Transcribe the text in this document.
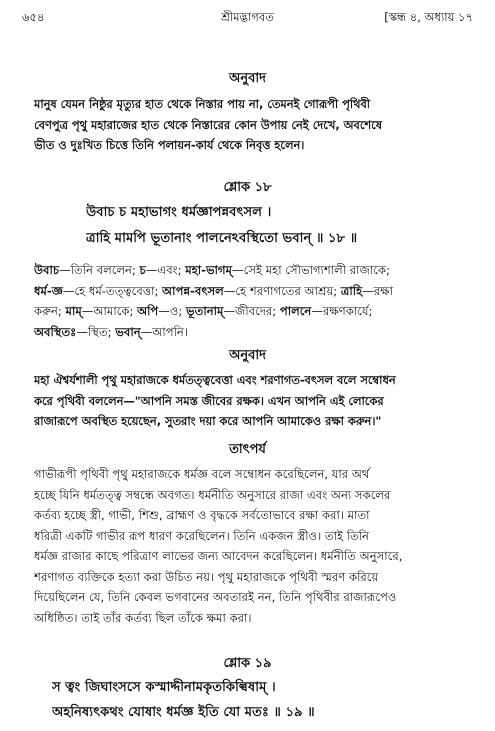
৬৫৪	শ্রীমদ্ভাগবত	[স্কন্ধ ৪, অধ্যায় ১৭
অনুবাদ
মানুষ যেমন নিষ্ঠুর মৃত্যুর হাত থেকে নিস্তার পায় না, তেমনই গোরূপী পৃথিবী
বেণপুত্র পৃথু মহারাজের হাত থেকে নিস্তারের কোন উপায় নেই দেখে, অবশেষে
ভীত ও দুঃখিত চিত্তে তিনি পলায়ন-কার্য থেকে নিবৃত্ত হলেন।
শ্লোক ১৮
উবাচ চ মহাভাগং ধর্মজ্ঞাপন্নবৎসল ।
ত্রাহি মামপি ভূতানাং পালনেঽবস্থিতো ভবান্ ॥ ১৮ ॥
উবাচ—তিনি বললেন; চ—এবং; মহা-ভাগম্—সেই মহা সৌভাগ্যশালী রাজাকে;
ধর্ম-জ্ঞ—হে ধর্ম-তত্ত্ববেত্তা; আপন্ন-বৎসল—হে শরণাগতের আশ্রয়; ত্রাহি—রক্ষা
করুন; মাম্—আমাকে; অপি—ও; ভূতানাম্—জীবদের; পালনে—রক্ষণকার্যে;
অবস্থিতঃ—স্থিত; ভবান্—আপনি।
অনুবাদ
মহা ঐশ্বর্যশালী পৃথু মহারাজকে ধর্মতত্ত্ববেত্তা এবং শরণাগত-বৎসল বলে সম্বোধন
করে পৃথিবী বললেন—"আপনি সমস্ত জীবের রক্ষক। এখন আপনি এই লোকের
রাজারূপে অবস্থিত হয়েছেন, সুতরাং দয়া করে আপনি আমাকেও রক্ষা করুন।"
তাৎপর্য
গাভীরূপী পৃথিবী পৃথু মহারাজকে ধর্মজ্ঞ বলে সম্বোধন করেছিলেন, যার অর্থ
হচ্ছে যিনি ধর্মতত্ত্ব সম্বন্ধে অবগত। ধর্মনীতি অনুসারে রাজা এবং অন্য সকলের
কর্তব্য হচ্ছে স্ত্রী, গাভী, শিশু, ব্রাহ্মণ ও বৃদ্ধকে সর্বতোভাবে রক্ষা করা। মাতা
ধরিত্রী একটি গাভীর রূপ ধারণ করেছিলেন। তিনি একজন স্ত্রীও। তাই তিনি
ধর্মজ্ঞ রাজার কাছে পরিত্রাণ লাভের জন্য আবেদন করেছিলেন। ধর্মনীতি অনুসারে,
শরণাগত ব্যক্তিকে হত্যা করা উচিত নয়। পৃথু মহারাজকে পৃথিবী স্মরণ করিয়ে
দিয়েছিলেন যে, তিনি কেবল ভগবানের অবতারই নন, তিনি পৃথিবীর রাজারূপেও
অধিষ্ঠিত। তাই তাঁর কর্তব্য ছিল তাঁকে ক্ষমা করা।
শ্লোক ১৯
স ত্বং জিঘাংসসে কস্মাদ্দীনামকৃতকিল্বিষাম্ ।
অহনিষ্যৎকথং যোষাং ধর্মজ্ঞ ইতি যো মতঃ ॥ ১৯ ॥
